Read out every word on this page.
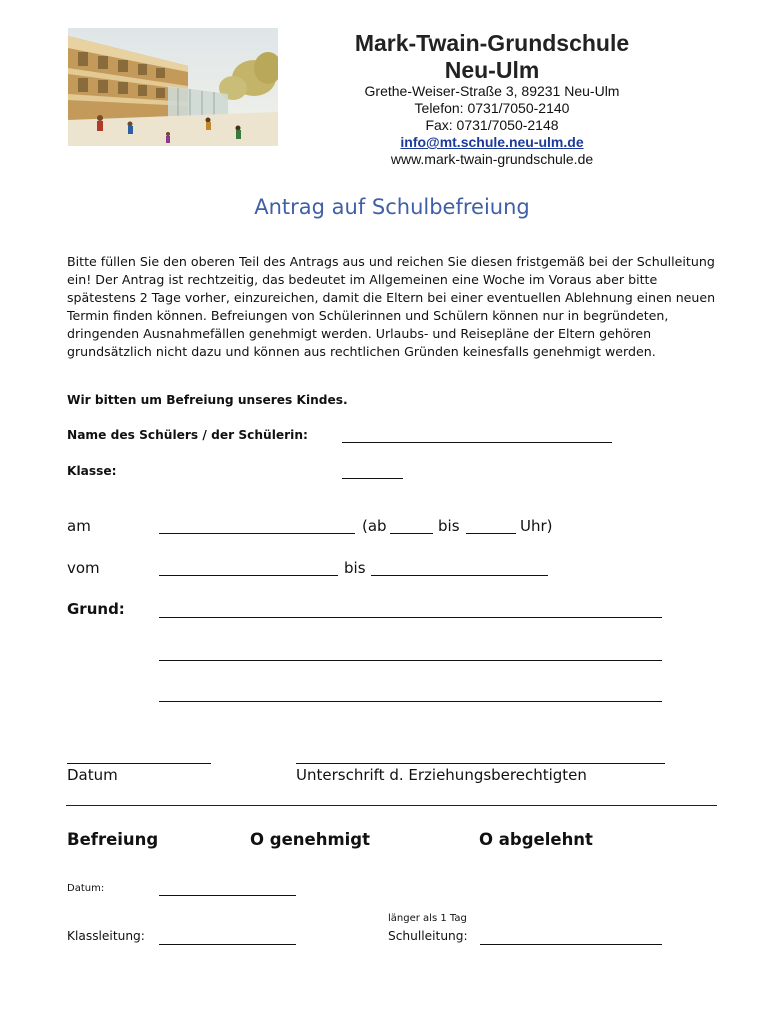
Mark-Twain-Grundschule
Neu-Ulm
Grethe-Weiser-Straße 3, 89231 Neu-Ulm
Telefon: 0731/7050-2140
Fax: 0731/7050-2148
info@mt.schule.neu-ulm.de
www.mark-twain-grundschule.de
Antrag auf Schulbefreiung
Bitte füllen Sie den oberen Teil des Antrags aus und reichen Sie diesen fristgemäß bei der Schulleitung
ein! Der Antrag ist rechtzeitig, das bedeutet im Allgemeinen eine Woche im Voraus aber bitte
spätestens 2 Tage vorher, einzureichen, damit die Eltern bei einer eventuellen Ablehnung einen neuen
Termin finden können. Befreiungen von Schülerinnen und Schülern können nur in begründeten,
dringenden Ausnahmefällen genehmigt werden. Urlaubs- und Reisepläne der Eltern gehören
grundsätzlich nicht dazu und können aus rechtlichen Gründen keinesfalls genehmigt werden.
Wir bitten um Befreiung unseres Kindes.
Name des Schülers / der Schülerin:
Klasse:
am	(ab	bis	Uhr)
vom	bis
Grund:
Datum	Unterschrift d. Erziehungsberechtigten
Befreiung	O genehmigt	O abgelehnt
Datum:
länger als 1 Tag
Klassleitung:	Schulleitung:
